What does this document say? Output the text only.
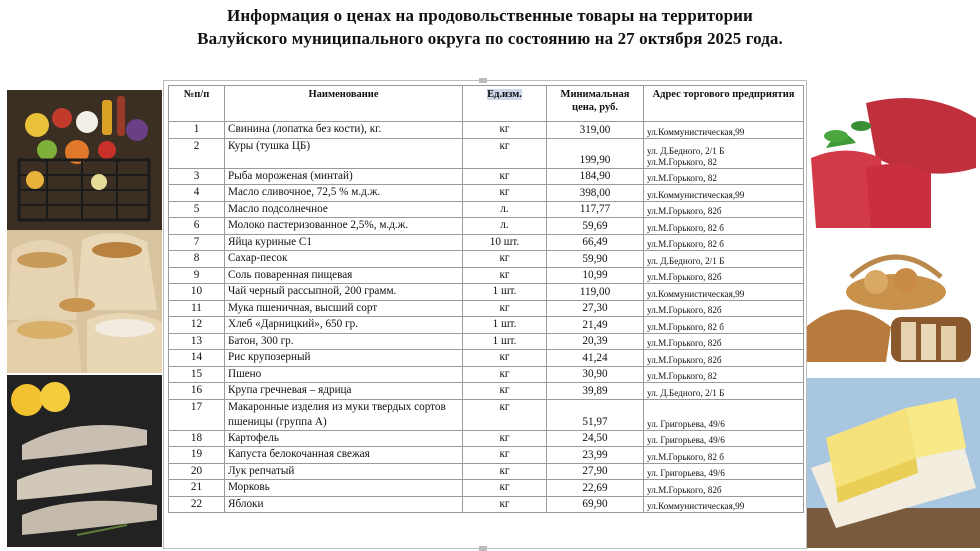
Информация о ценах на продовольственные товары на территории
Валуйского муниципального округа по состоянию на 27 октября 2025 года.
№п/п	Наименование	Ед.изм.	Минимальная цена, руб.	Адрес торгового предприятия
1	Свинина (лопатка без кости), кг.	кг	319,00	ул.Коммунистическая,99
2	Куры (тушка ЦБ)	кг	199,90	ул. Д.Бедного, 2/1 Б
ул.М.Горького, 82
3	Рыба мороженая (минтай)	кг	184,90	ул.М.Горького, 82
4	Масло сливочное, 72,5 % м.д.ж.	кг	398,00	ул.Коммунистическая,99
5	Масло подсолнечное	л.	117,77	ул.М.Горького, 82б
6	Молоко пастеризованное 2,5%, м.д.ж.	л.	59,69	ул.М.Горького, 82 б
7	Яйца куриные С1	10 шт.	66,49	ул.М.Горького, 82 б
8	Сахар-песок	кг	59,90	ул. Д.Бедного, 2/1 Б
9	Соль поваренная пищевая	кг	10,99	ул.М.Горького, 82б
10	Чай черный рассыпной, 200 грамм.	1 шт.	119,00	ул.Коммунистическая,99
11	Мука пшеничная, высший сорт	кг	27,30	ул.М.Горького, 82б
12	Хлеб «Дарницкий», 650 гр.	1 шт.	21,49	ул.М.Горького, 82 б
13	Батон, 300 гр.	1 шт.	20,39	ул.М.Горького, 82б
14	Рис крупозерный	кг	41,24	ул.М.Горького, 82б
15	Пшено	кг	30,90	ул.М.Горького, 82
16	Крупа гречневая – ядрица	кг	39,89	ул. Д.Бедного, 2/1 Б
17	Макаронные изделия из муки твердых сортов пшеницы (группа А)	кг	51,97	ул. Григорьева, 49/6
18	Картофель	кг	24,50	ул. Григорьева, 49/6
19	Капуста белокочанная свежая	кг	23,99	ул.М.Горького, 82 б
20	Лук репчатый	кг	27,90	ул. Григорьева, 49/6
21	Морковь	кг	22,69	ул.М.Горького, 82б
22	Яблоки	кг	69,90	ул.Коммунистическая,99
